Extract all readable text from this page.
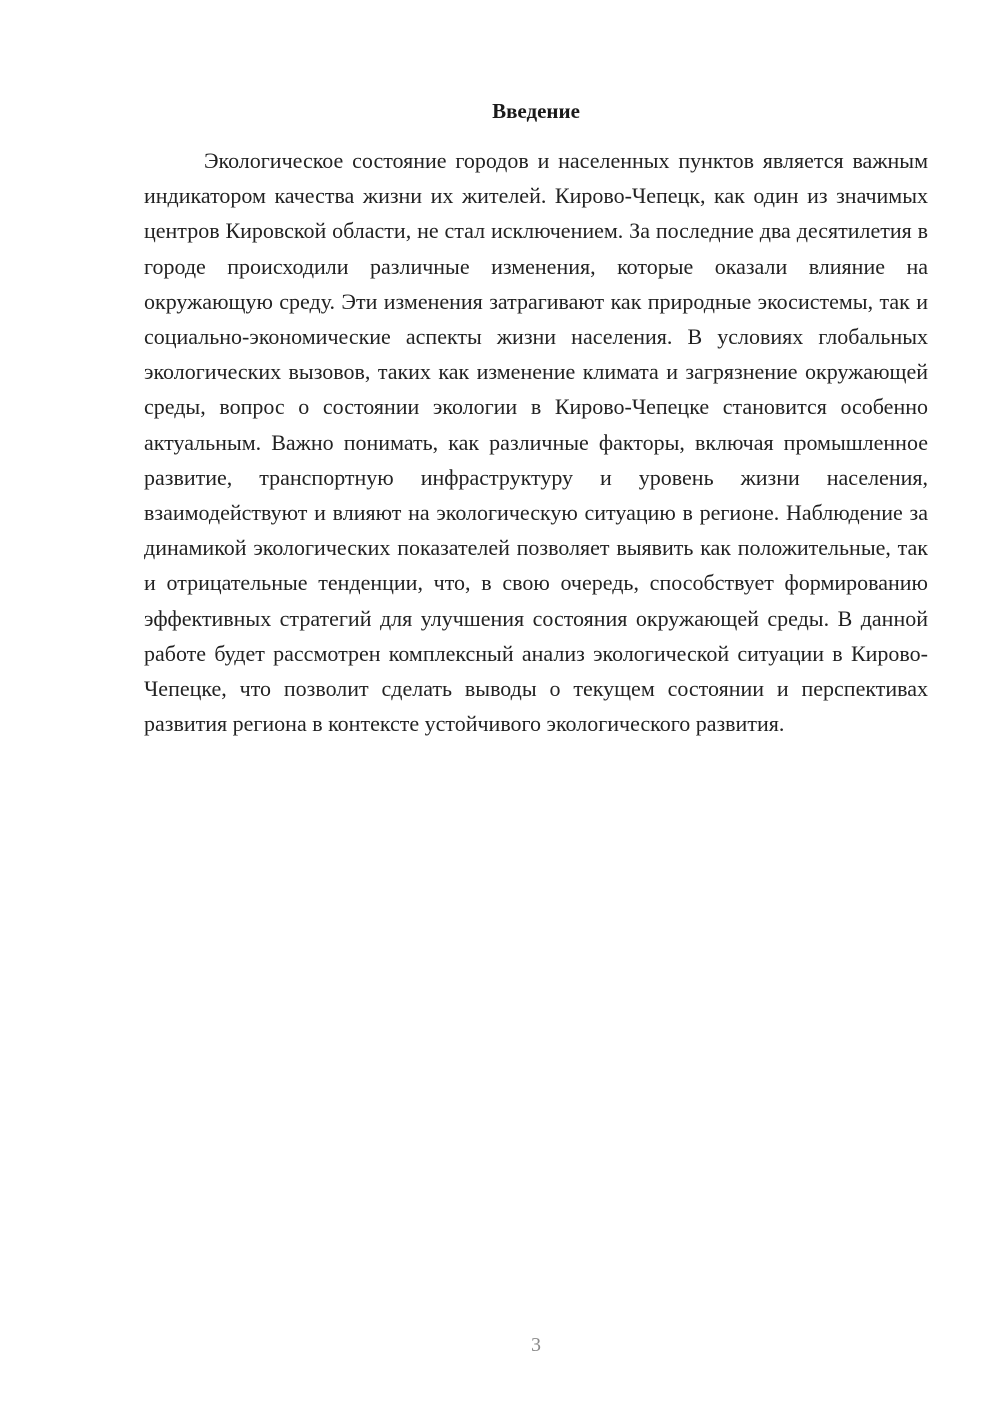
Введение

Экологическое состояние городов и населенных пунктов является важным индикатором качества жизни их жителей. Кирово-Чепецк, как один из значимых центров Кировской области, не стал исключением. За последние два десятилетия в городе происходили различные изменения, которые оказали влияние на окружающую среду. Эти изменения затрагивают как природные экосистемы, так и социально-экономические аспекты жизни населения. В условиях глобальных экологических вызовов, таких как изменение климата и загрязнение окружающей среды, вопрос о состоянии экологии в Кирово-Чепецке становится особенно актуальным. Важно понимать, как различные факторы, включая промышленное развитие, транспортную инфраструктуру и уровень жизни населения, взаимодействуют и влияют на экологическую ситуацию в регионе. Наблюдение за динамикой экологических показателей позволяет выявить как положительные, так и отрицательные тенденции, что, в свою очередь, способствует формированию эффективных стратегий для улучшения состояния окружающей среды. В данной работе будет рассмотрен комплексный анализ экологической ситуации в Кирово-Чепецке, что позволит сделать выводы о текущем состоянии и перспективах развития региона в контексте устойчивого экологического развития.

3
